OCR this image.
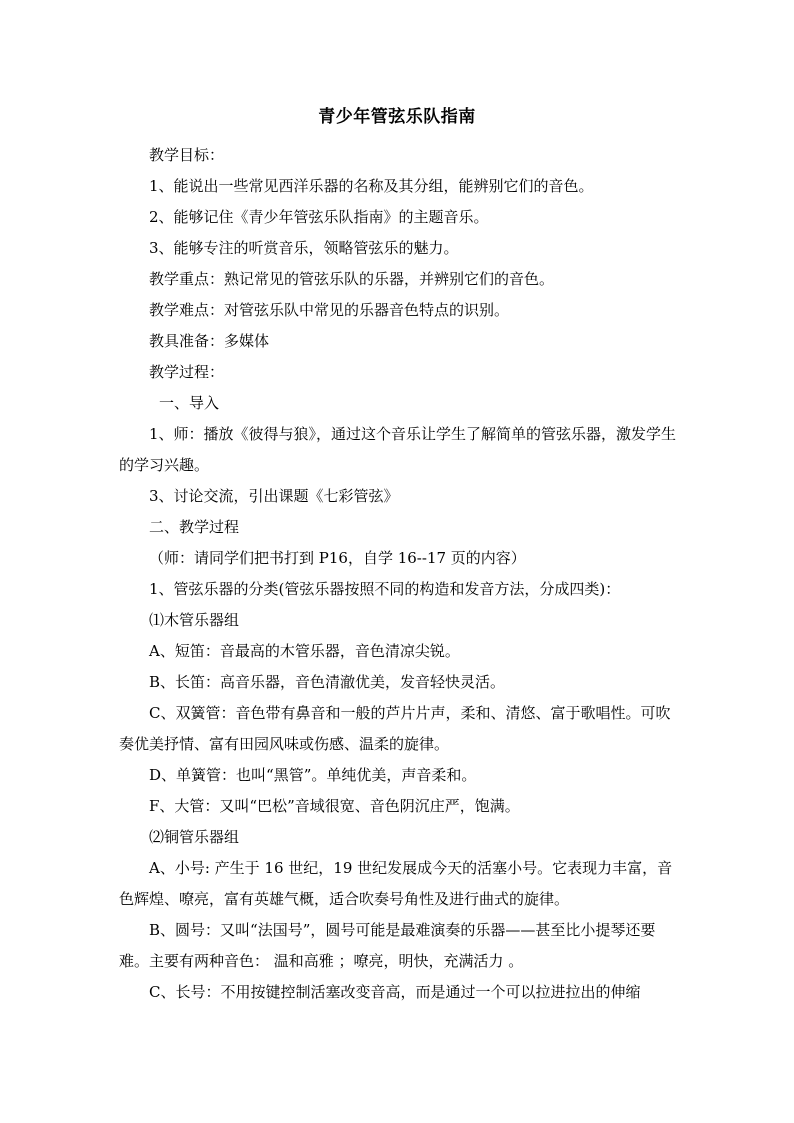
青少年管弦乐队指南

教学目标：

1、能说出一些常见西洋乐器的名称及其分组，能辨别它们的音色。

2、能够记住《青少年管弦乐队指南》的主题音乐。

3、能够专注的听赏音乐，领略管弦乐的魅力。

教学重点：熟记常见的管弦乐队的乐器，并辨别它们的音色。

教学难点：对管弦乐队中常见的乐器音色特点的识别。

教具准备：多媒体

教学过程：

一、导入

1、师：播放《彼得与狼》，通过这个音乐让学生了解简单的管弦乐器，激发学生的学习兴趣。

3、讨论交流，引出课题《七彩管弦》

二、教学过程

（师：请同学们把书打到 P16，自学 16--17 页的内容）

1、管弦乐器的分类(管弦乐器按照不同的构造和发音方法，分成四类)：

⑴木管乐器组

A、短笛：音最高的木管乐器，音色清凉尖锐。

B、长笛：高音乐器，音色清澈优美，发音轻快灵活。

C、双簧管：音色带有鼻音和一般的芦片片声，柔和、清悠、富于歌唱性。可吹奏优美抒情、富有田园风味或伤感、温柔的旋律。

D、单簧管：也叫“黑管”。单纯优美，声音柔和。

F、大管：又叫“巴松”音域很宽、音色阴沉庄严，饱满。

⑵铜管乐器组

A、小号: 产生于 16 世纪，19 世纪发展成今天的活塞小号。它表现力丰富，音色辉煌、嘹亮，富有英雄气概，适合吹奏号角性及进行曲式的旋律。

B、圆号：又叫“法国号”，圆号可能是最难演奏的乐器——甚至比小提琴还要难。主要有两种音色： 温和高雅 ；嘹亮，明快，充满活力 。

C、长号：不用按键控制活塞改变音高，而是通过一个可以拉进拉出的伸缩
